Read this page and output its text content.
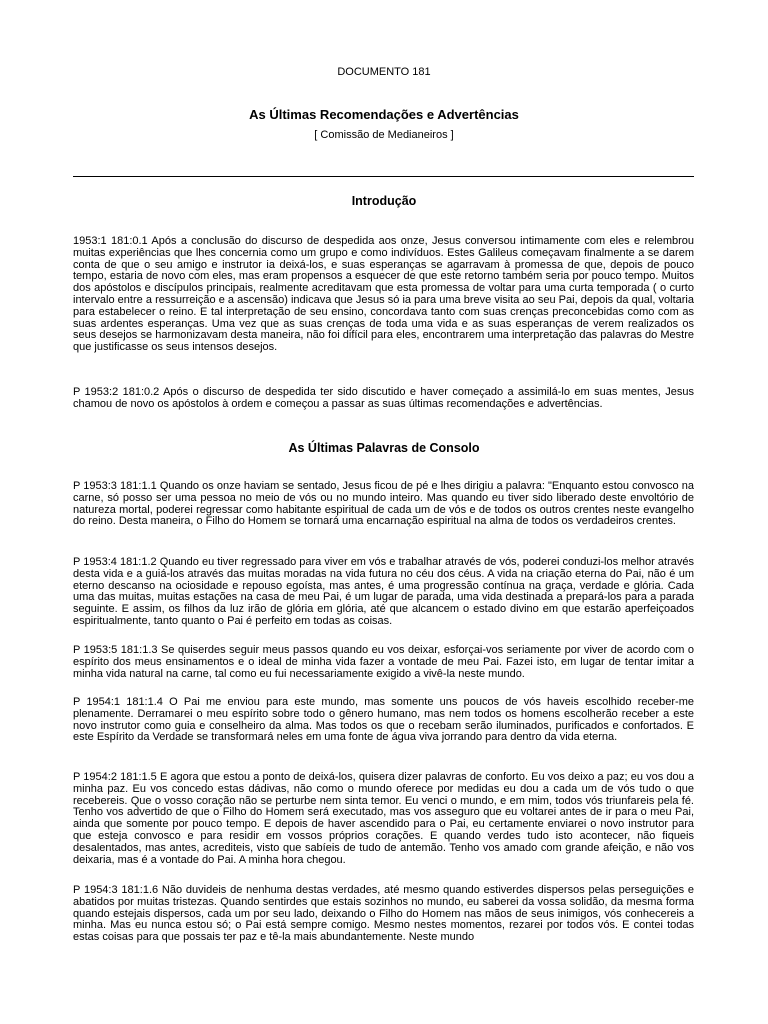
DOCUMENTO 181
As Últimas Recomendações e Advertências
[ Comissão de Medianeiros ]
Introdução

1953:1 181:0.1 Após a conclusão do discurso de despedida aos onze, Jesus conversou intimamente com eles e relembrou muitas experiências que lhes concernia como um grupo e como indivíduos. Estes Galileus começavam finalmente a se darem conta de que o seu amigo e instrutor ia deixá-los, e suas esperanças se agarravam à promessa de que, depois de pouco tempo, estaria de novo com eles, mas eram propensos a esquecer de que este retorno também seria por pouco tempo. Muitos dos apóstolos e discípulos principais, realmente acreditavam que esta promessa de voltar para uma curta temporada ( o curto intervalo entre a ressurreição e a ascensão) indicava que Jesus só ia para uma breve visita ao seu Pai, depois da qual, voltaria para estabelecer o reino. E tal interpretação de seu ensino, concordava tanto com suas crenças preconcebidas como com as suas ardentes esperanças. Uma vez que as suas crenças de toda uma vida e as suas esperanças de verem realizados os seus desejos se harmonizavam desta maneira, não foi difícil para eles, encontrarem uma interpretação das palavras do Mestre que justificasse os seus intensos desejos.

P 1953:2 181:0.2 Após o discurso de despedida ter sido discutido e haver começado a assimilá-lo em suas mentes, Jesus chamou de novo os apóstolos à ordem e começou a passar as suas últimas recomendações e advertências.

As Últimas Palavras de Consolo

P 1953:3 181:1.1 Quando os onze haviam se sentado, Jesus ficou de pé e lhes dirigiu a palavra: "Enquanto estou convosco na carne, só posso ser uma pessoa no meio de vós ou no mundo inteiro. Mas quando eu tiver sido liberado deste envoltório de natureza mortal, poderei regressar como habitante espiritual de cada um de vós e de todos os outros crentes neste evangelho do reino. Desta maneira, o Filho do Homem se tornará uma encarnação espiritual na alma de todos os verdadeiros crentes.

P 1953:4 181:1.2 Quando eu tiver regressado para viver em vós e trabalhar através de vós, poderei conduzi-los melhor através desta vida e a guiá-los através das muitas moradas na vida futura no céu dos céus. A vida na criação eterna do Pai, não é um eterno descanso na ociosidade e repouso egoísta, mas antes, é uma progressão contínua na graça, verdade e glória. Cada uma das muitas, muitas estações na casa de meu Pai, é um lugar de parada, uma vida destinada a prepará-los para a parada seguinte. E assim, os filhos da luz irão de glória em glória, até que alcancem o estado divino em que estarão aperfeiçoados espiritualmente, tanto quanto o Pai é perfeito em todas as coisas.

P 1953:5 181:1.3 Se quiserdes seguir meus passos quando eu vos deixar, esforçai-vos seriamente por viver de acordo com o espírito dos meus ensinamentos e o ideal de minha vida fazer a vontade de meu Pai. Fazei isto, em lugar de tentar imitar a minha vida natural na carne, tal como eu fui necessariamente exigido a vivê-la neste mundo.

P 1954:1 181:1.4 O Pai me enviou para este mundo, mas somente uns poucos de vós haveis escolhido receber-me plenamente. Derramarei o meu espírito sobre todo o gênero humano, mas nem todos os homens escolherão receber a este novo instrutor como guia e conselheiro da alma. Mas todos os que o recebam serão iluminados, purificados e confortados. E este Espírito da Verdade se transformará neles em uma fonte de água viva jorrando para dentro da vida eterna.

P 1954:2 181:1.5 E agora que estou a ponto de deixá-los, quisera dizer palavras de conforto. Eu vos deixo a paz; eu vos dou a minha paz. Eu vos concedo estas dádivas, não como o mundo oferece por medidas eu dou a cada um de vós tudo o que recebereis. Que o vosso coração não se perturbe nem sinta temor. Eu venci o mundo, e em mim, todos vós triunfareis pela fé. Tenho vos advertido de que o Filho do Homem será executado, mas vos asseguro que eu voltarei antes de ir para o meu Pai, ainda que somente por pouco tempo. E depois de haver ascendido para o Pai, eu certamente enviarei o novo instrutor para que esteja convosco e para residir em vossos próprios corações. E quando verdes tudo isto acontecer, não fiqueis desalentados, mas antes, acrediteis, visto que sabíeis de tudo de antemão. Tenho vos amado com grande afeição, e não vos deixaria, mas é a vontade do Pai. A minha hora chegou.

P 1954:3 181:1.6 Não duvideis de nenhuma destas verdades, até mesmo quando estiverdes dispersos pelas perseguições e abatidos por muitas tristezas. Quando sentirdes que estais sozinhos no mundo, eu saberei da vossa solidão, da mesma forma quando estejais dispersos, cada um por seu lado, deixando o Filho do Homem nas mãos de seus inimigos, vós conhecereis a minha. Mas eu nunca estou só; o Pai está sempre comigo. Mesmo nestes momentos, rezarei por todos vós. E contei todas estas coisas para que possais ter paz e tê-la mais abundantemente. Neste mundo
